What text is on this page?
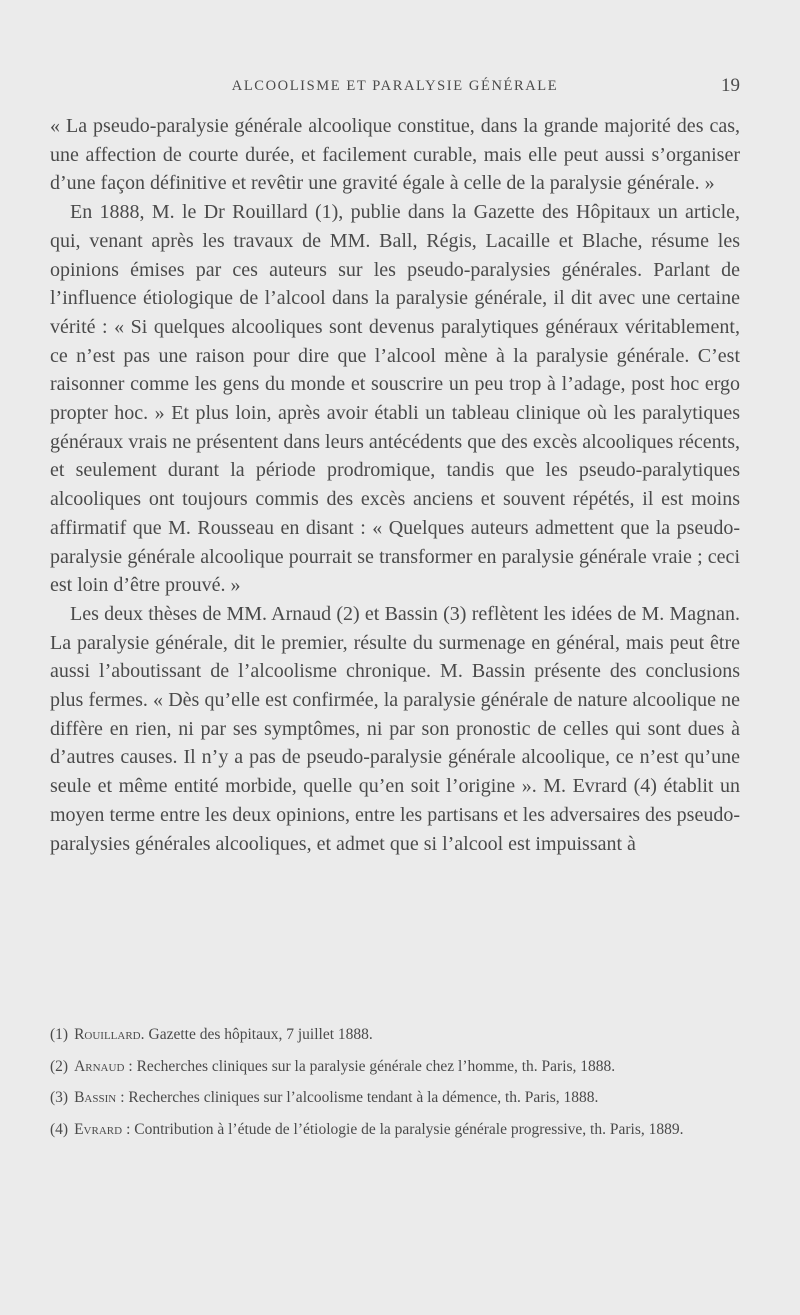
ALCOOLISME ET PARALYSIE GÉNÉRALE	19

« La pseudo-paralysie générale alcoolique constitue, dans la grande majorité des cas, une affection de courte durée, et facilement curable, mais elle peut aussi s’organiser d’une façon définitive et revêtir une gravité égale à celle de la paralysie générale. »

En 1888, M. le Dr Rouillard (1), publie dans la Gazette des Hôpitaux un article, qui, venant après les travaux de MM. Ball, Régis, Lacaille et Blache, résume les opinions émises par ces auteurs sur les pseudo-paralysies générales. Parlant de l’influence étiologique de l’alcool dans la paralysie générale, il dit avec une certaine vérité : « Si quelques alcooliques sont devenus paralytiques généraux véritablement, ce n’est pas une raison pour dire que l’alcool mène à la paralysie générale. C’est raisonner comme les gens du monde et souscrire un peu trop à l’adage, post hoc ergo propter hoc. » Et plus loin, après avoir établi un tableau clinique où les paralytiques généraux vrais ne présentent dans leurs antécédents que des excès alcooliques récents, et seulement durant la période prodromique, tandis que les pseudo-paralytiques alcooliques ont toujours commis des excès anciens et souvent répétés, il est moins affirmatif que M. Rousseau en disant : « Quelques auteurs admettent que la pseudo-paralysie générale alcoolique pourrait se transformer en paralysie générale vraie ; ceci est loin d’être prouvé. »

Les deux thèses de MM. Arnaud (2) et Bassin (3) reflètent les idées de M. Magnan. La paralysie générale, dit le premier, résulte du surmenage en général, mais peut être aussi l’aboutissant de l’alcoolisme chronique. M. Bassin présente des conclusions plus fermes. « Dès qu’elle est confirmée, la paralysie générale de nature alcoolique ne diffère en rien, ni par ses symptômes, ni par son pronostic de celles qui sont dues à d’autres causes. Il n’y a pas de pseudo-paralysie générale alcoolique, ce n’est qu’une seule et même entité morbide, quelle qu’en soit l’origine ». M. Evrard (4) établit un moyen terme entre les deux opinions, entre les partisans et les adversaires des pseudo-paralysies générales alcooliques, et admet que si l’alcool est impuissant à

(1) Rouillard. Gazette des hôpitaux, 7 juillet 1888.

(2) Arnaud : Recherches cliniques sur la paralysie générale chez l’homme, th. Paris, 1888.

(3) Bassin : Recherches cliniques sur l’alcoolisme tendant à la démence, th. Paris, 1888.

(4) Evrard : Contribution à l’étude de l’étiologie de la paralysie générale progressive, th. Paris, 1889.
